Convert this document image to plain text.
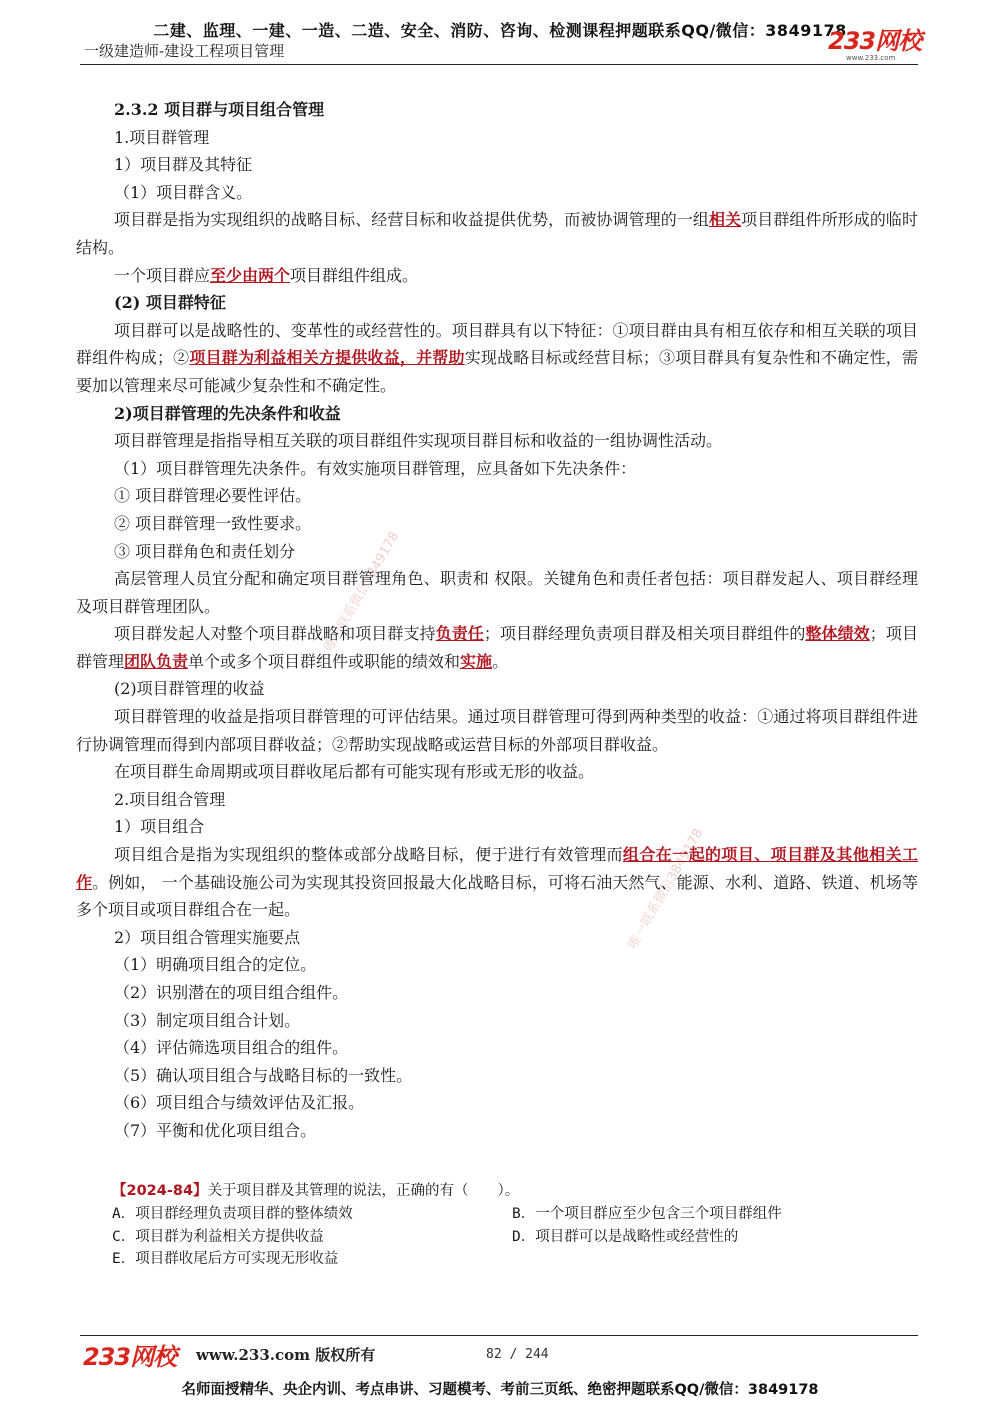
二建、监理、一建、一造、二造、安全、消防、咨询、检测课程押题联系QQ/微信：3849178
一级建造师-建设工程项目管理	233网校
www.233.com
唯一联系微信3849178
唯一联系微信3849178
2.3.2 项目群与项目组合管理
1.项目群管理
1）项目群及其特征
（1）项目群含义。
项目群是指为实现组织的战略目标、经营目标和收益提供优势，而被协调管理的一组相关项目群组件所形成的临时结构。
一个项目群应至少由两个项目群组件组成。
(2) 项目群特征
项目群可以是战略性的、变革性的或经营性的。项目群具有以下特征：①项目群由具有相互依存和相互关联的项目群组件构成；②项目群为利益相关方提供收益，并帮助实现战略目标或经营目标；③项目群具有复杂性和不确定性，需要加以管理来尽可能减少复杂性和不确定性。
2)项目群管理的先决条件和收益
项目群管理是指指导相互关联的项目群组件实现项目群目标和收益的一组协调性活动。
（1）项目群管理先决条件。有效实施项目群管理，应具备如下先决条件：
① 项目群管理必要性评估。
② 项目群管理一致性要求。
③ 项目群角色和责任划分
高层管理人员宜分配和确定项目群管理角色、职责和 权限。关键角色和责任者包括：项目群发起人、项目群经理及项目群管理团队。
项目群发起人对整个项目群战略和项目群支持负责任；项目群经理负责项目群及相关项目群组件的整体绩效；项目群管理团队负责单个或多个项目群组件或职能的绩效和实施。
(2)项目群管理的收益
项目群管理的收益是指项目群管理的可评估结果。通过项目群管理可得到两种类型的收益：①通过将项目群组件进行协调管理而得到内部项目群收益；②帮助实现战略或运营目标的外部项目群收益。
在项目群生命周期或项目群收尾后都有可能实现有形或无形的收益。
2.项目组合管理
1）项目组合
项目组合是指为实现组织的整体或部分战略目标，便于进行有效管理而组合在一起的项目、项目群及其他相关工作。例如， 一个基础设施公司为实现其投资回报最大化战略目标，可将石油天然气、能源、水利、道路、铁道、机场等多个项目或项目群组合在一起。
2）项目组合管理实施要点
（1）明确项目组合的定位。
（2）识别潜在的项目组合组件。
（3）制定项目组合计划。
（4）评估筛选项目组合的组件。
（5）确认项目组合与战略目标的一致性。
（6）项目组合与绩效评估及汇报。
（7）平衡和优化项目组合。
【2024-84】关于项目群及其管理的说法，正确的有（　　）。
A．项目群经理负责项目群的整体绩效	B．一个项目群应至少包含三个项目群组件
C．项目群为利益相关方提供收益	D．项目群可以是战略性或经营性的
E．项目群收尾后方可实现无形收益
233网校 www.233.com 版权所有	82 / 244
名师面授精华、央企内训、考点串讲、习题模考、考前三页纸、绝密押题联系QQ/微信：3849178
